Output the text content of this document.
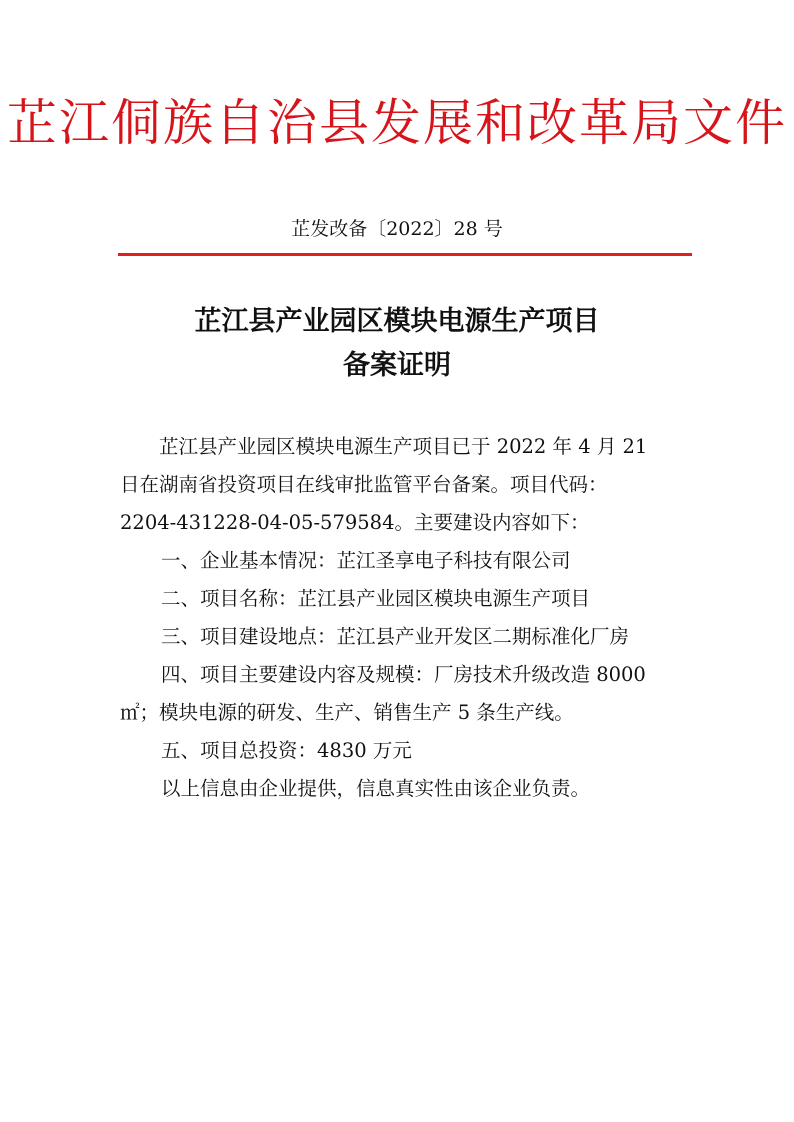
芷江侗族自治县发展和改革局文件
芷发改备〔2022〕28 号
芷江县产业园区模块电源生产项目
备案证明

芷江县产业园区模块电源生产项目已于 2022 年 4 月 21

日在湖南省投资项目在线审批监管平台备案。项目代码：

2204-431228-04-05-579584。主要建设内容如下：

一、企业基本情况：芷江圣享电子科技有限公司

二、项目名称：芷江县产业园区模块电源生产项目

三、项目建设地点：芷江县产业开发区二期标准化厂房

四、项目主要建设内容及规模：厂房技术升级改造 8000

㎡；模块电源的研发、生产、销售生产 5 条生产线。

五、项目总投资：4830 万元

以上信息由企业提供，信息真实性由该企业负责。
